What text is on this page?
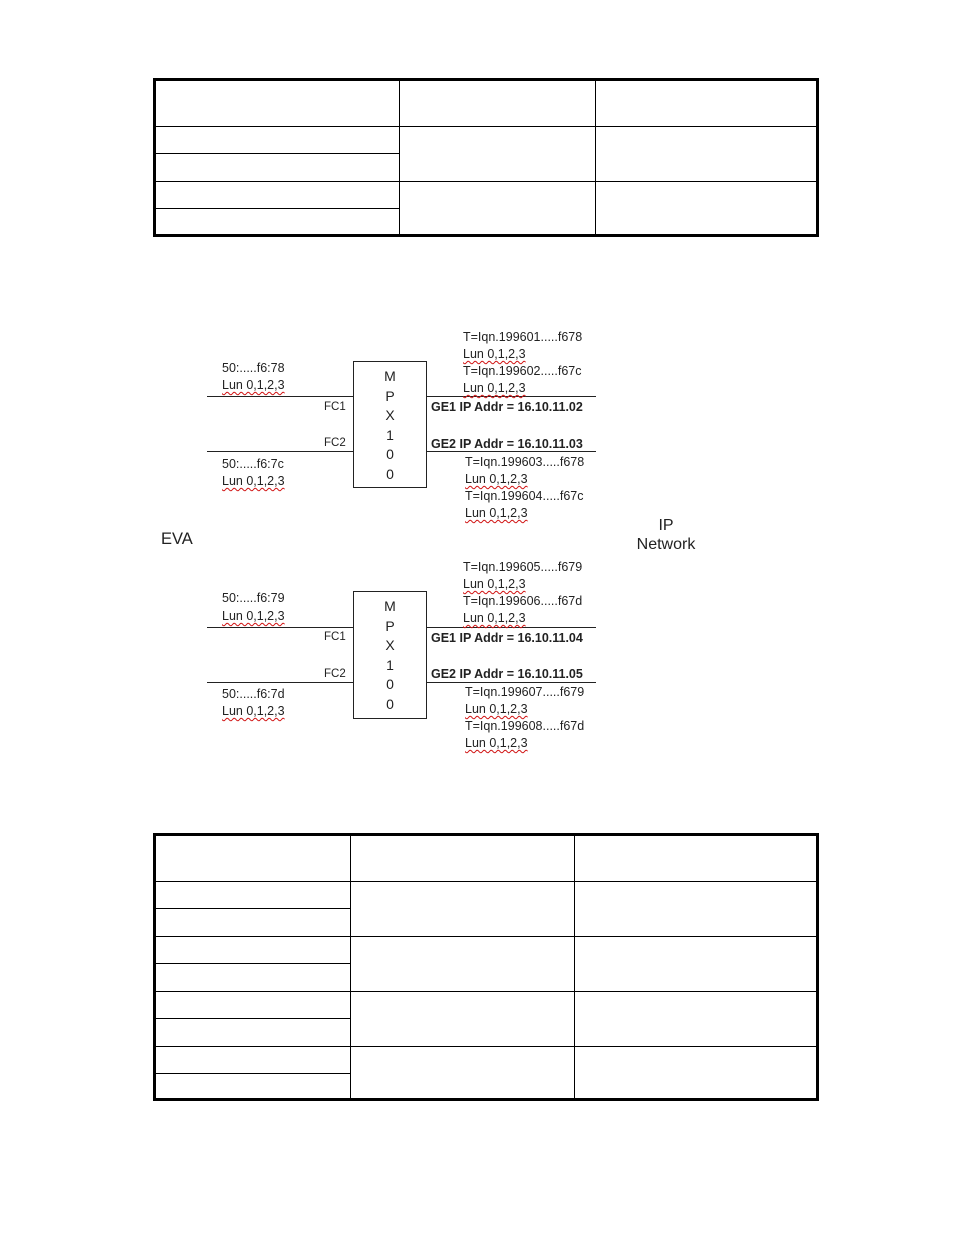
EVA
IP
Network
M
P
X
1
0
0
FC1
FC2
50:.....f6:78
Lun 0,1,2,3
50:.....f6:7c
Lun 0,1,2,3
T=Iqn.199601.....f678
Lun 0,1,2,3
T=Iqn.199602.....f67c
Lun 0,1,2,3
GE1 IP Addr = 16.10.11.02
GE2 IP Addr = 16.10.11.03
T=Iqn.199603.....f678
Lun 0,1,2,3
T=Iqn.199604.....f67c
Lun 0,1,2,3
M
P
X
1
0
0
FC1
FC2
50:.....f6:79
Lun 0,1,2,3
50:.....f6:7d
Lun 0,1,2,3
T=Iqn.199605.....f679
Lun 0,1,2,3
T=Iqn.199606.....f67d
Lun 0,1,2,3
GE1 IP Addr = 16.10.11.04
GE2 IP Addr = 16.10.11.05
T=Iqn.199607.....f679
Lun 0,1,2,3
T=Iqn.199608.....f67d
Lun 0,1,2,3
